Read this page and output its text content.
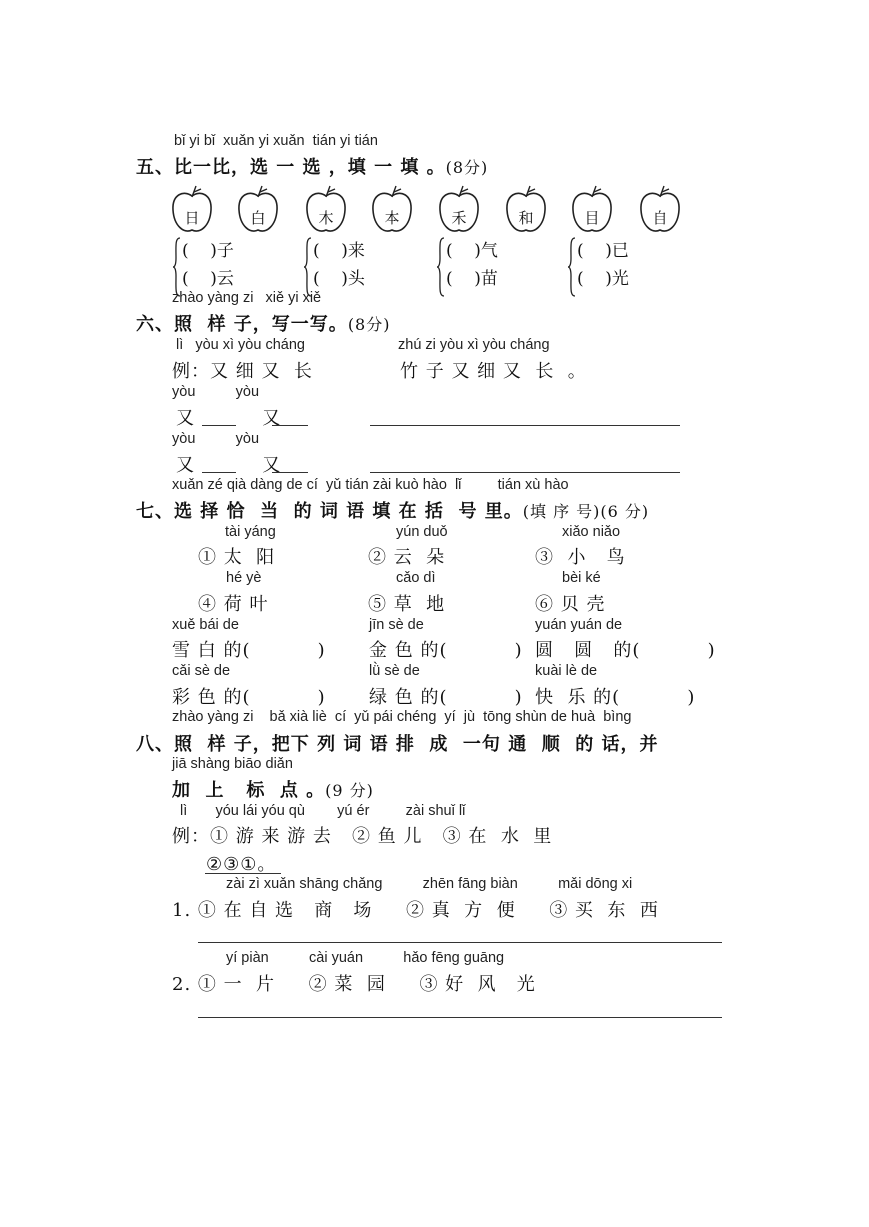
bǐ yi bǐ  xuǎn yi xuǎn  tián yi tián
五、比一比，选 一 选 ，填 一 填 。(8分)
日	白	木	本	禾	和	目	自
(    )子
(    )云
(    )来
(    )头
(    )气
(    )苗
(    )已
(    )光
zhào yàng zi   xiě yi xiě
六、照  样 子，写一写。(8分)
lì   yòu xì yòu cháng	zhú zi yòu xì yòu cháng
例：又 细 又  长	竹 子 又 细 又  长  。
yòu          yòu
又          又
yòu          yòu
又          又
xuǎn zé qià dàng de cí  yǔ tián zài kuò hào  lǐ         tián xù hào
七、选 择 恰  当  的 词 语 填 在 括  号 里。(填 序 号)(6 分)
tài yáng	yún duǒ	xiǎo niǎo
① 太  阳	② 云  朵	③  小   鸟
hé yè	cǎo dì	bèi ké
④ 荷 叶	⑤ 草  地	⑥ 贝 壳
xuě bái de	jīn sè de	yuán yuán de
雪 白 的(          ) 金 色 的(          ) 圆   圆   的(          )
cǎi sè de	lǜ sè de	kuài lè de
彩 色 的(          ) 绿 色 的(          ) 快  乐 的(          )
zhào yàng zi    bǎ xià liè  cí  yǔ pái chéng  yí  jù  tōng shùn de huà  bìng
八、照  样 子，把下 列 词 语 排  成  一句 通  顺  的 话，并
jiā shàng biāo diǎn
加  上   标  点 。(9 分)
lì       yóu lái yóu qù        yú ér         zài shuǐ lǐ
例：① 游 来 游 去   ② 鱼 儿   ③ 在  水  里
②③①。
zài zì xuǎn shāng chǎng          zhēn fāng biàn          mǎi dōng xi
1. ① 在 自 选   商   场     ② 真  方  便     ③ 买  东  西
yí piàn          cài yuán          hǎo fēng guāng
2. ① 一  片     ② 菜  园     ③ 好  风   光
